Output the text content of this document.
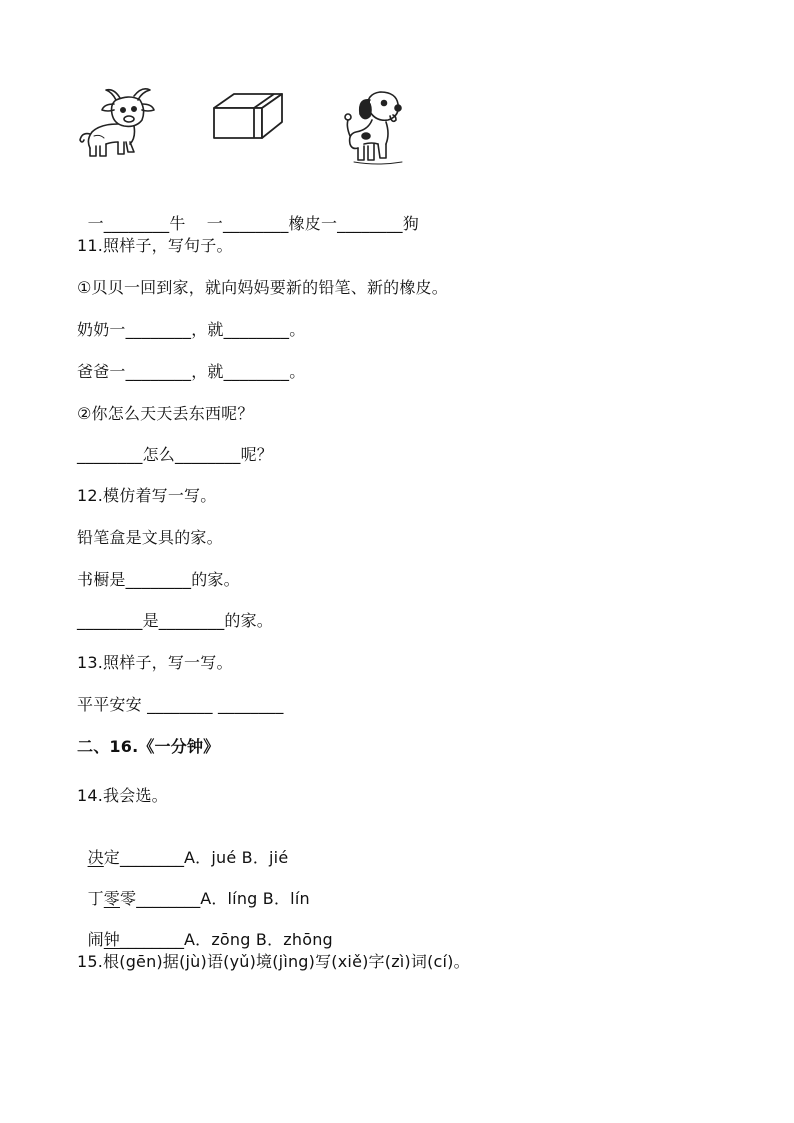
一________牛 一________橡皮一________狗

11.照样子，写句子。
①贝贝一回到家，就向妈妈要新的铅笔、新的橡皮。
奶奶一________，就________。
爸爸一________，就________。
②你怎么天天丢东西呢？
________怎么________呢？
12.模仿着写一写。
铅笔盒是文具的家。
书橱是________的家。
________是________的家。
13.照样子，写一写。
平平安安 ________ ________
二、16.《一分钟》
14.我会选。

决定________A．jué B．jié

丁零零________A．líng B．lín

闹钟________A．zōng B．zhōng

15.根(gēn)据(jù)语(yǔ)境(jìng)写(xiě)字(zì)词(cí)。
